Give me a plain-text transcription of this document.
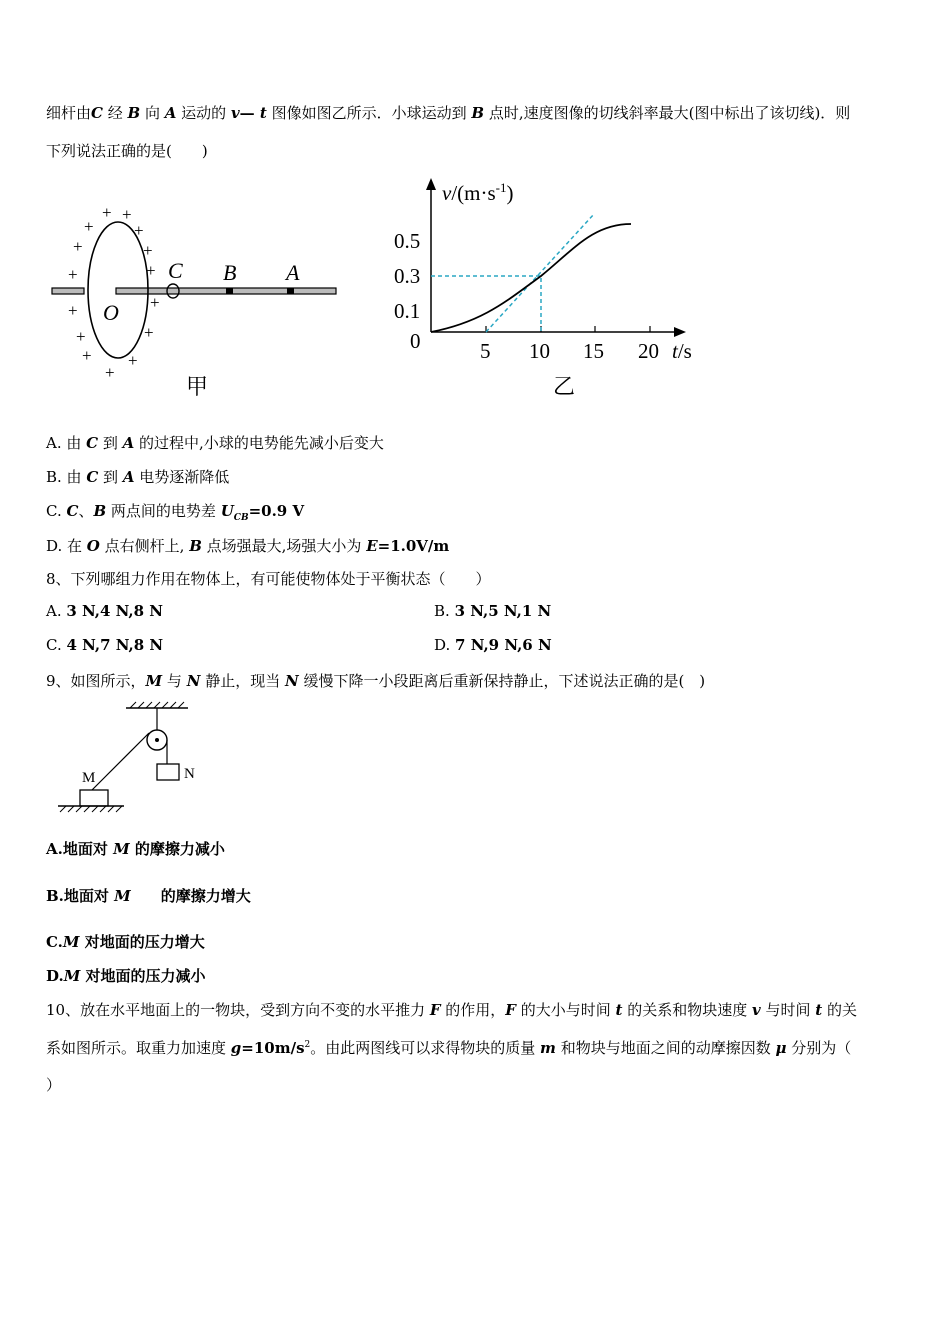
细杆由C 经 B 向 A 运动的 v— t 图像如图乙所示．小球运动到 B 点时,速度图像的切线斜率最大(图中标出了该切线)．则
下列说法正确的是(　　)
C B A
O
+ +
+ +
+	+
+	+
+	+
+	+
+ +
+
甲
$v/(m\cdot s^{-1})$
0.5
0.3
0.1
0	5 10 15 20 t/s
乙
A. 由 C 到 A 的过程中,小球的电势能先减小后变大
B. 由 C 到 A 电势逐渐降低
C. C、B 两点间的电势差 $U_{CB}=0.9$ V
D. 在 O 点右侧杆上, B 点场强最大,场强大小为 E=1.0V/m
8、下列哪组力作用在物体上，有可能使物体处于平衡状态（　　）
A. 3 N,4 N,8 N	B. 3 N,5 N,1 N
C. 4 N,7 N,8 N	D. 7 N,9 N,6 N
9、如图所示，M 与 N 静止，现当 N 缓慢下降一小段距离后重新保持静止，下述说法正确的是(　)
N
M
A.地面对 M 的摩擦力减小
B.地面对 M　　的摩擦力增大
C.M 对地面的压力增大
D.M 对地面的压力减小
10、放在水平地面上的一物块，受到方向不变的水平推力 F 的作用，F 的大小与时间 t 的关系和物块速度 v 与时间 t 的关
系如图所示。取重力加速度 $g=10m/s^2$。由此两图线可以求得物块的质量 m 和物块与地面之间的动摩擦因数 μ 分别为（
）
